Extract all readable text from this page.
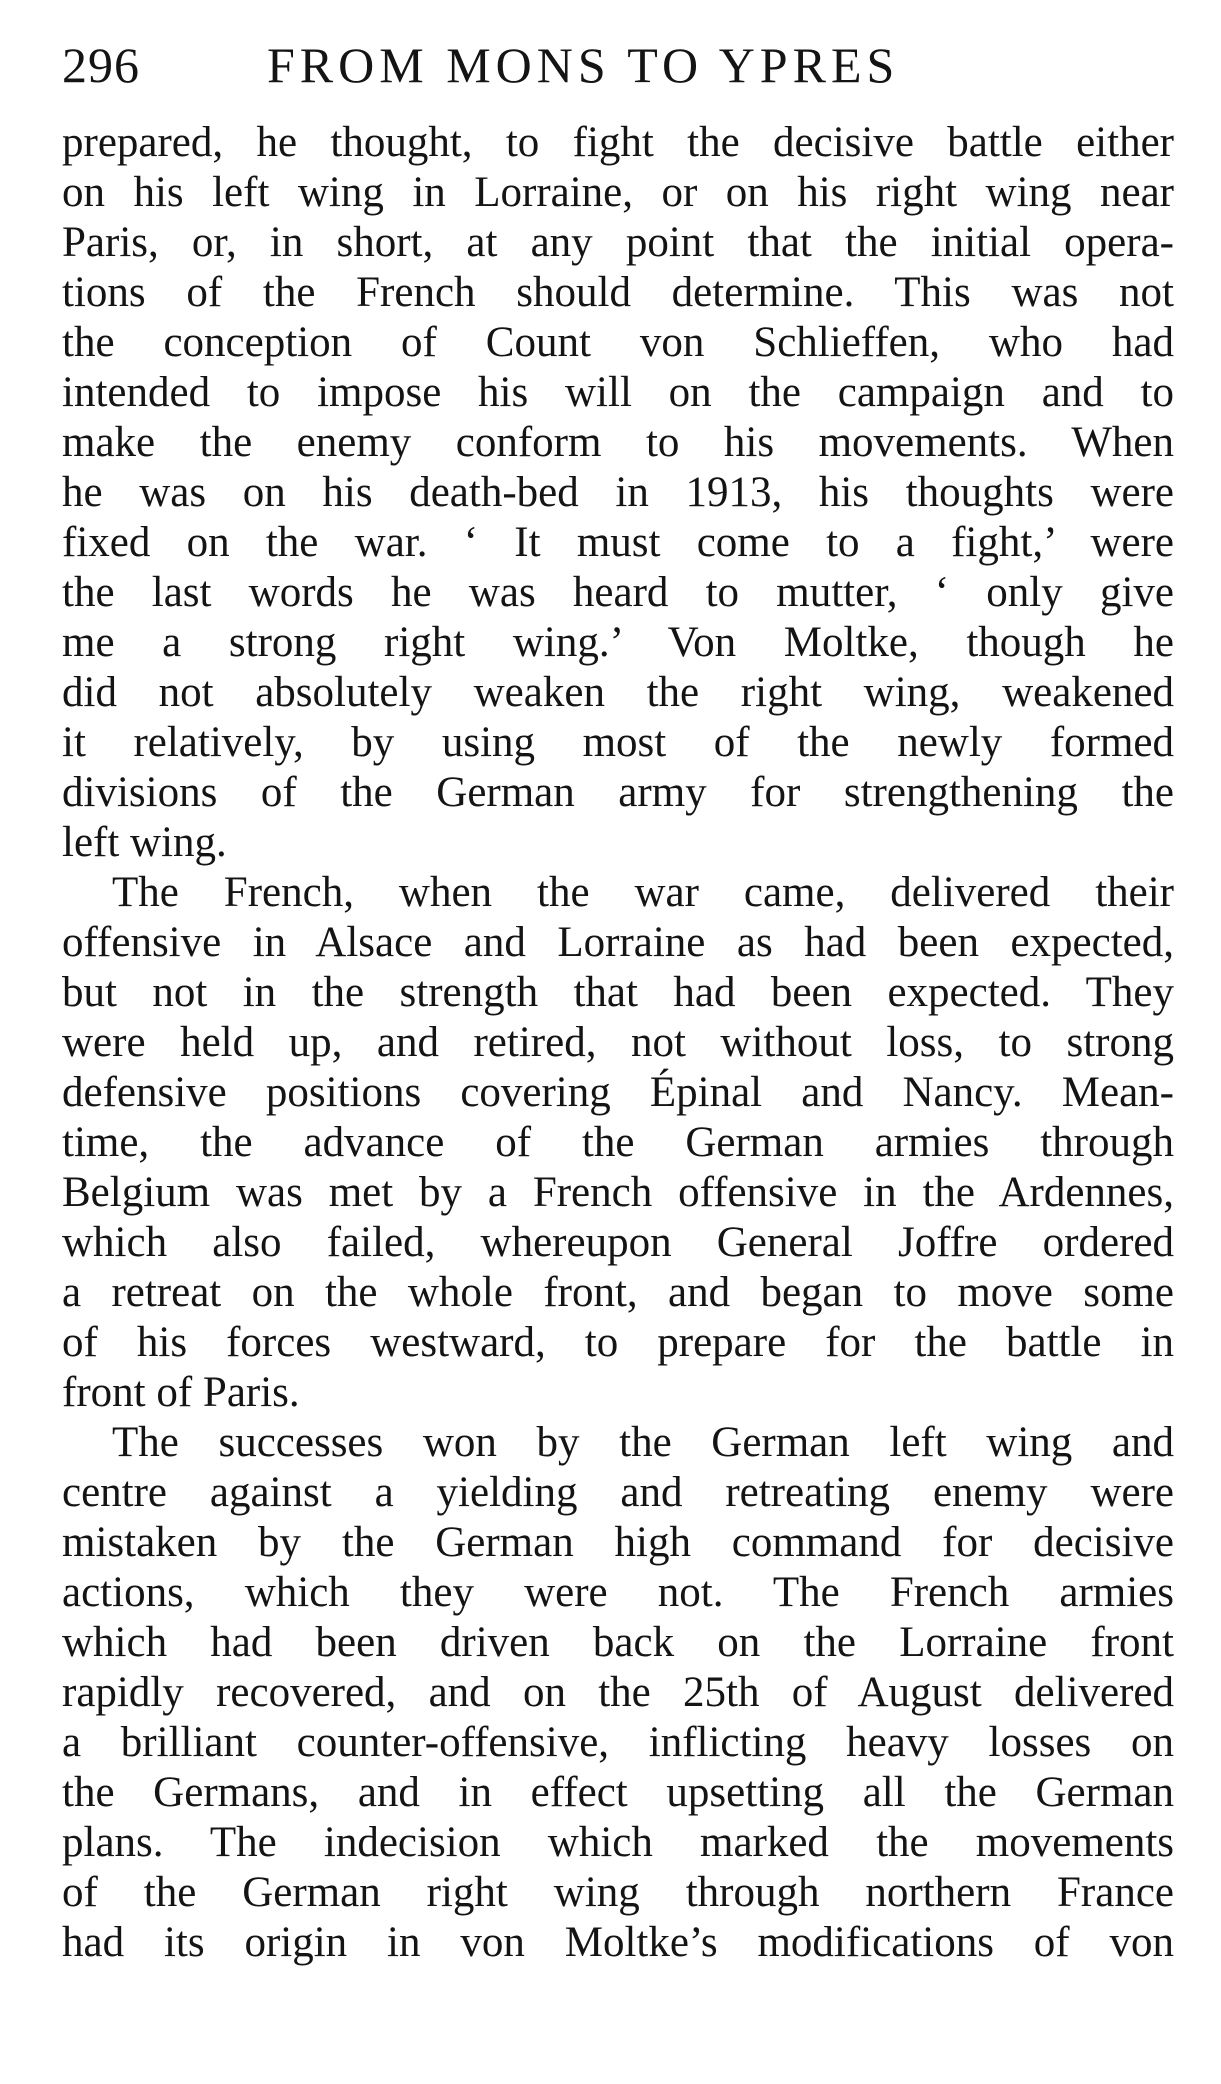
296	FROM MONS TO YPRES
prepared, he thought, to fight the decisive battle either
on his left wing in Lorraine, or on his right wing near
Paris, or, in short, at any point that the initial opera-
tions of the French should determine. This was not
the conception of Count von Schlieffen, who had
intended to impose his will on the campaign and to
make the enemy conform to his movements. When
he was on his death-bed in 1913, his thoughts were
fixed on the war. ‘ It must come to a fight,’ were
the last words he was heard to mutter, ‘ only give
me a strong right wing.’ Von Moltke, though he
did not absolutely weaken the right wing, weakened
it relatively, by using most of the newly formed
divisions of the German army for strengthening the
left wing.
The French, when the war came, delivered their
offensive in Alsace and Lorraine as had been expected,
but not in the strength that had been expected. They
were held up, and retired, not without loss, to strong
defensive positions covering Épinal and Nancy. Mean-
time, the advance of the German armies through
Belgium was met by a French offensive in the Ardennes,
which also failed, whereupon General Joffre ordered
a retreat on the whole front, and began to move some
of his forces westward, to prepare for the battle in
front of Paris.
The successes won by the German left wing and
centre against a yielding and retreating enemy were
mistaken by the German high command for decisive
actions, which they were not. The French armies
which had been driven back on the Lorraine front
rapidly recovered, and on the 25th of August delivered
a brilliant counter-offensive, inflicting heavy losses on
the Germans, and in effect upsetting all the German
plans. The indecision which marked the movements
of the German right wing through northern France
had its origin in von Moltke’s modifications of von
